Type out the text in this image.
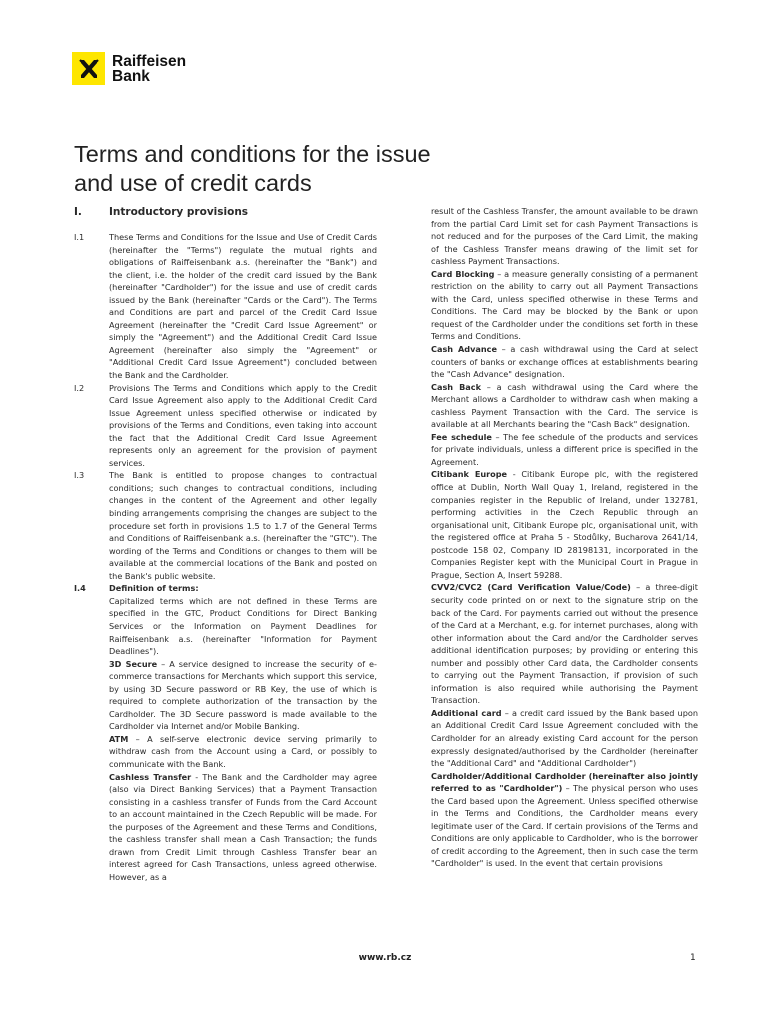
Raiffeisen
Bank
Terms and conditions for the issue
and use of credit cards
I.	Introductory provisions
I.1	These Terms and Conditions for the Issue and Use of Credit Cards (hereinafter the "Terms") regulate the mutual rights and obligations of Raiffeisenbank a.s. (hereinafter the "Bank") and the client, i.e. the holder of the credit card issued by the Bank (hereinafter "Cardholder") for the issue and use of credit cards issued by the Bank (hereinafter "Cards or the Card"). The Terms and Conditions are part and parcel of the Credit Card Issue Agreement (hereinafter the "Credit Card Issue Agreement" or simply the "Agreement") and the Additional Credit Card Issue Agreement (hereinafter also simply the "Agreement" or "Additional Credit Card Issue Agreement") concluded between the Bank and the Cardholder.
I.2	Provisions The Terms and Conditions which apply to the Credit Card Issue Agreement also apply to the Additional Credit Card Issue Agreement unless specified otherwise or indicated by provisions of the Terms and Conditions, even taking into account the fact that the Additional Credit Card Issue Agreement represents only an agreement for the provision of payment services.
I.3	The Bank is entitled to propose changes to contractual conditions; such changes to contractual conditions, including changes in the content of the Agreement and other legally binding arrangements comprising the changes are subject to the procedure set forth in provisions 1.5 to 1.7 of the General Terms and Conditions of Raiffeisenbank a.s. (hereinafter the "GTC"). The wording of the Terms and Conditions or changes to them will be available at the commercial locations of the Bank and posted on the Bank's public website.
I.4	Definition of terms:

Capitalized terms which are not defined in these Terms are specified in the GTC, Product Conditions for Direct Banking Services or the Information on Payment Deadlines for Raiffeisenbank a.s. (hereinafter "Information for Payment Deadlines").

3D Secure – A service designed to increase the security of e-commerce transactions for Merchants which support this service, by using 3D Secure password or RB Key, the use of which is required to complete authorization of the transaction by the Cardholder. The 3D Secure password is made available to the Cardholder via Internet and/or Mobile Banking.

ATM – A self-serve electronic device serving primarily to withdraw cash from the Account using a Card, or possibly to communicate with the Bank.

Cashless Transfer - The Bank and the Cardholder may agree (also via Direct Banking Services) that a Payment Transaction consisting in a cashless transfer of Funds from the Card Account to an account maintained in the Czech Republic will be made. For the purposes of the Agreement and these Terms and Conditions, the cashless transfer shall mean a Cash Transaction; the funds drawn from Credit Limit through Cashless Transfer bear an interest agreed for Cash Transactions, unless agreed otherwise. However, as a

result of the Cashless Transfer, the amount available to be drawn from the partial Card Limit set for cash Payment Transactions is not reduced and for the purposes of the Card Limit, the making of the Cashless Transfer means drawing of the limit set for cashless Payment Transactions.

Card Blocking – a measure generally consisting of a permanent restriction on the ability to carry out all Payment Transactions with the Card, unless specified otherwise in these Terms and Conditions. The Card may be blocked by the Bank or upon request of the Cardholder under the conditions set forth in these Terms and Conditions.

Cash Advance – a cash withdrawal using the Card at select counters of banks or exchange offices at establishments bearing the "Cash Advance" designation.

Cash Back – a cash withdrawal using the Card where the Merchant allows a Cardholder to withdraw cash when making a cashless Payment Transaction with the Card. The service is available at all Merchants bearing the "Cash Back" designation.

Fee schedule – The fee schedule of the products and services for private individuals, unless a different price is specified in the Agreement.

Citibank Europe - Citibank Europe plc, with the registered office at Dublin, North Wall Quay 1, Ireland, registered in the companies register in the Republic of Ireland, under 132781, performing activities in the Czech Republic through an organisational unit, Citibank Europe plc, organisational unit, with the registered office at Praha 5 - Stodůlky, Bucharova 2641/14, postcode 158 02, Company ID 28198131, incorporated in the Companies Register kept with the Municipal Court in Prague in Prague, Section A, Insert 59288.

CVV2/CVC2 (Card Verification Value/Code) – a three-digit security code printed on or next to the signature strip on the back of the Card. For payments carried out without the presence of the Card at a Merchant, e.g. for internet purchases, along with other information about the Card and/or the Cardholder serves additional identification purposes; by providing or entering this number and possibly other Card data, the Cardholder consents to carrying out the Payment Transaction, if provision of such information is also required while authorising the Payment Transaction.

Additional card – a credit card issued by the Bank based upon an Additional Credit Card Issue Agreement concluded with the Cardholder for an already existing Card account for the person expressly designated/authorised by the Cardholder (hereinafter the "Additional Card" and "Additional Cardholder")

Cardholder/Additional Cardholder (hereinafter also jointly referred to as "Cardholder") – The physical person who uses the Card based upon the Agreement. Unless specified otherwise in the Terms and Conditions, the Cardholder means every legitimate user of the Card. If certain provisions of the Terms and Conditions are only applicable to Cardholder, who is the borrower of credit according to the Agreement, then in such case the term "Cardholder" is used. In the event that certain provisions

www.rb.cz	1
